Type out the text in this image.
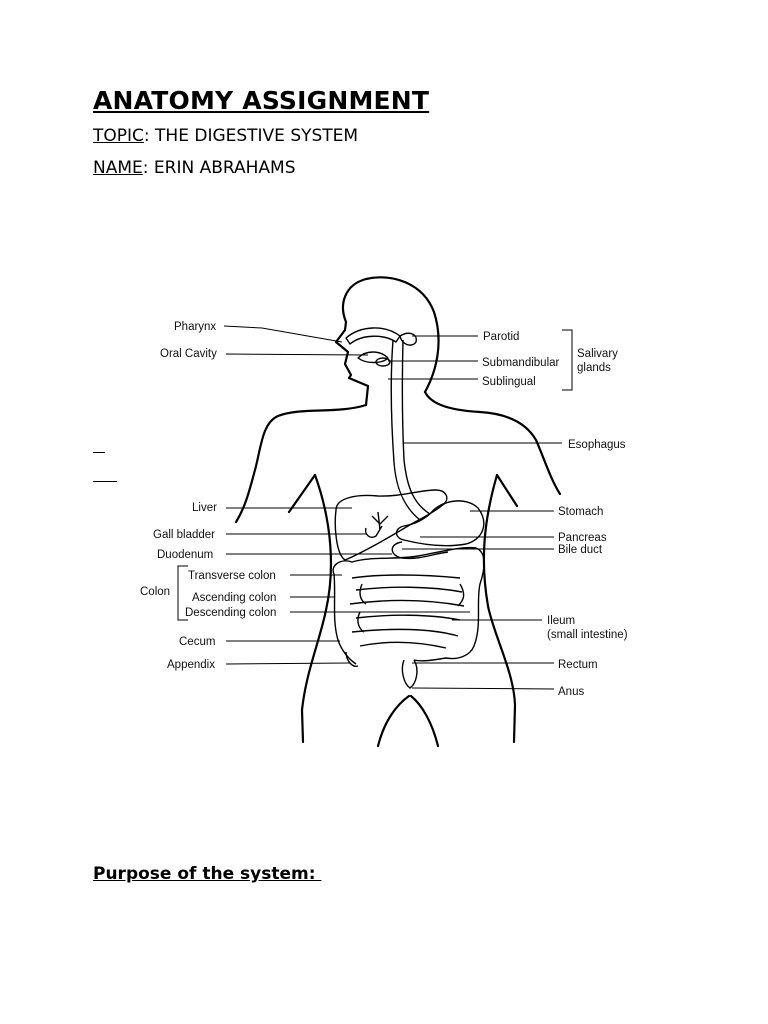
ANATOMY ASSIGNMENT
TOPIC: THE DIGESTIVE SYSTEM
NAME: ERIN ABRAHAMS
Pharynx
Oral Cavity
Parotid
Submandibular
Sublingual
Salivary
glands
Esophagus
Liver	Stomach
Gall bladder	Pancreas
Bile duct
Duodenum
Colon
Transverse colon
Ascending colon
Descending colon
Ileum
(small intestine)
Cecum
Appendix	Rectum
Anus
Purpose of the system:
